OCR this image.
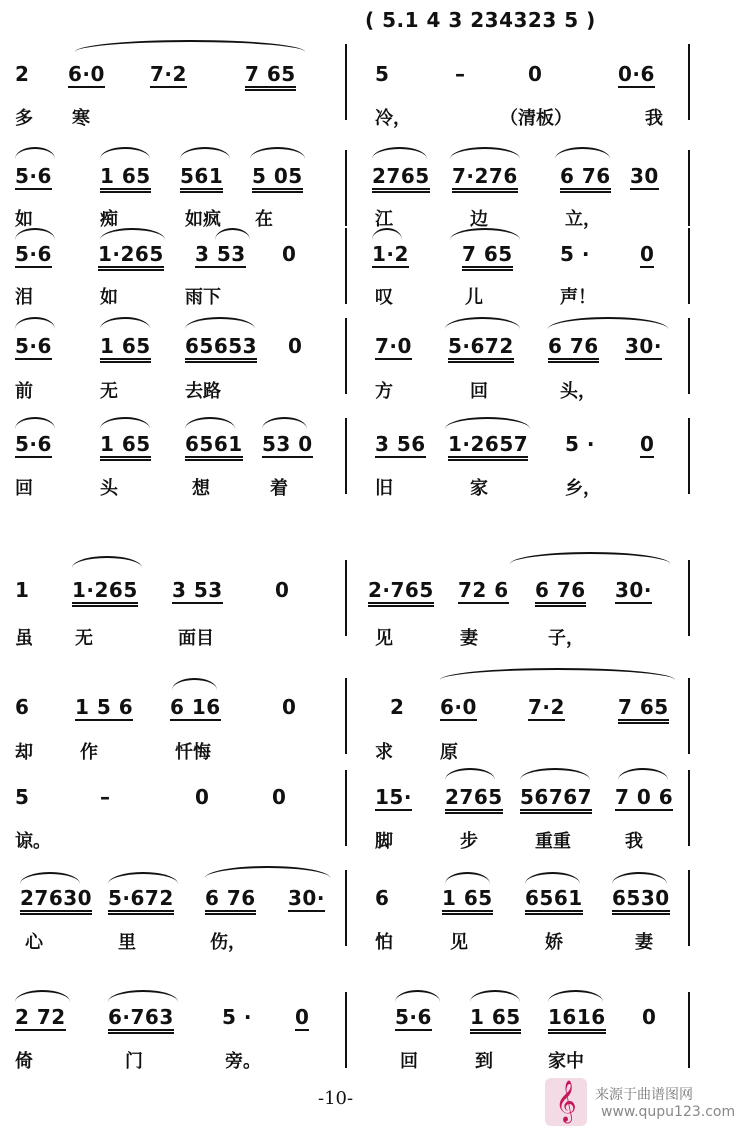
( 5.1 4 3 234323 5 )
2 6·0 7·2	7 65
多 寒
5	–	0	0·6
冷，	（清板）	我
5·6 1 65 561 5 05
如	痴	如疯 在
2765 7·276 6 76 30
江	边	立，
5·6 1·265 3 53 0
泪	如	雨下
1·2	7 65 5 ·	0
叹	儿	声！
5·6 1 65 65653 0
前	无	去路
7·0 5·672 6 76 30·
方	回	头，
5·6 1 65 6561 53 0
回	头	想	着
3 56 1·2657 5 · 0
旧	家	乡，
1 1·265 3 53	0
虽 无	面目
2·765 72 6 6 76 30·
见	妻	子，
6 1 5 6 6 16	0
却	作	忏悔
2 6·0	7·2	7 65
求	原
5	–	0	0
谅。
15· 2765 56767 7 0 6
脚	步	重重	我
27630 5·672 6 76 30·
心	里	伤，
6	1 65 6561 6530
怕	见	娇	妻
2 72 6·763 5 · 0
倚	门	旁。
5·6 1 65 1616 0
回	到	家中
-10-	𝄞	来源于曲谱图网
www.qupu123.com
